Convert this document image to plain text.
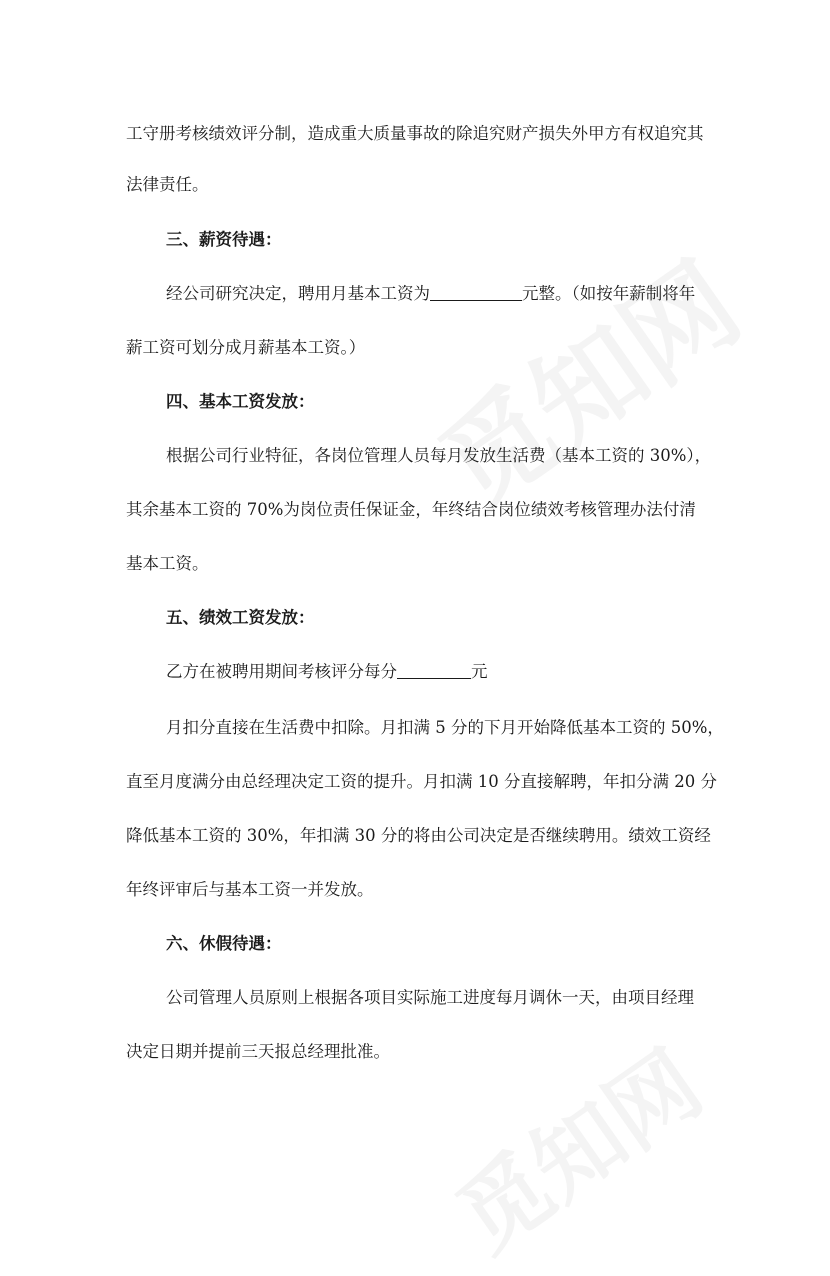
工守册考核绩效评分制，造成重大质量事故的除追究财产损失外甲方有权追究其
法律责任。
三、薪资待遇：
经公司研究决定，聘用月基本工资为	元整。（如按年薪制将年
薪工资可划分成月薪基本工资。）
四、基本工资发放：
根据公司行业特征，各岗位管理人员每月发放生活费（基本工资的 30%），
其余基本工资的 70%为岗位责任保证金，年终结合岗位绩效考核管理办法付清
基本工资。
五、绩效工资发放：
乙方在被聘用期间考核评分每分	元
月扣分直接在生活费中扣除。月扣满 5 分的下月开始降低基本工资的 50%，
直至月度满分由总经理决定工资的提升。月扣满 10 分直接解聘，年扣分满 20 分
降低基本工资的 30%，年扣满 30 分的将由公司决定是否继续聘用。绩效工资经
年终评审后与基本工资一并发放。
六、休假待遇：
公司管理人员原则上根据各项目实际施工进度每月调休一天，由项目经理
决定日期并提前三天报总经理批准。
